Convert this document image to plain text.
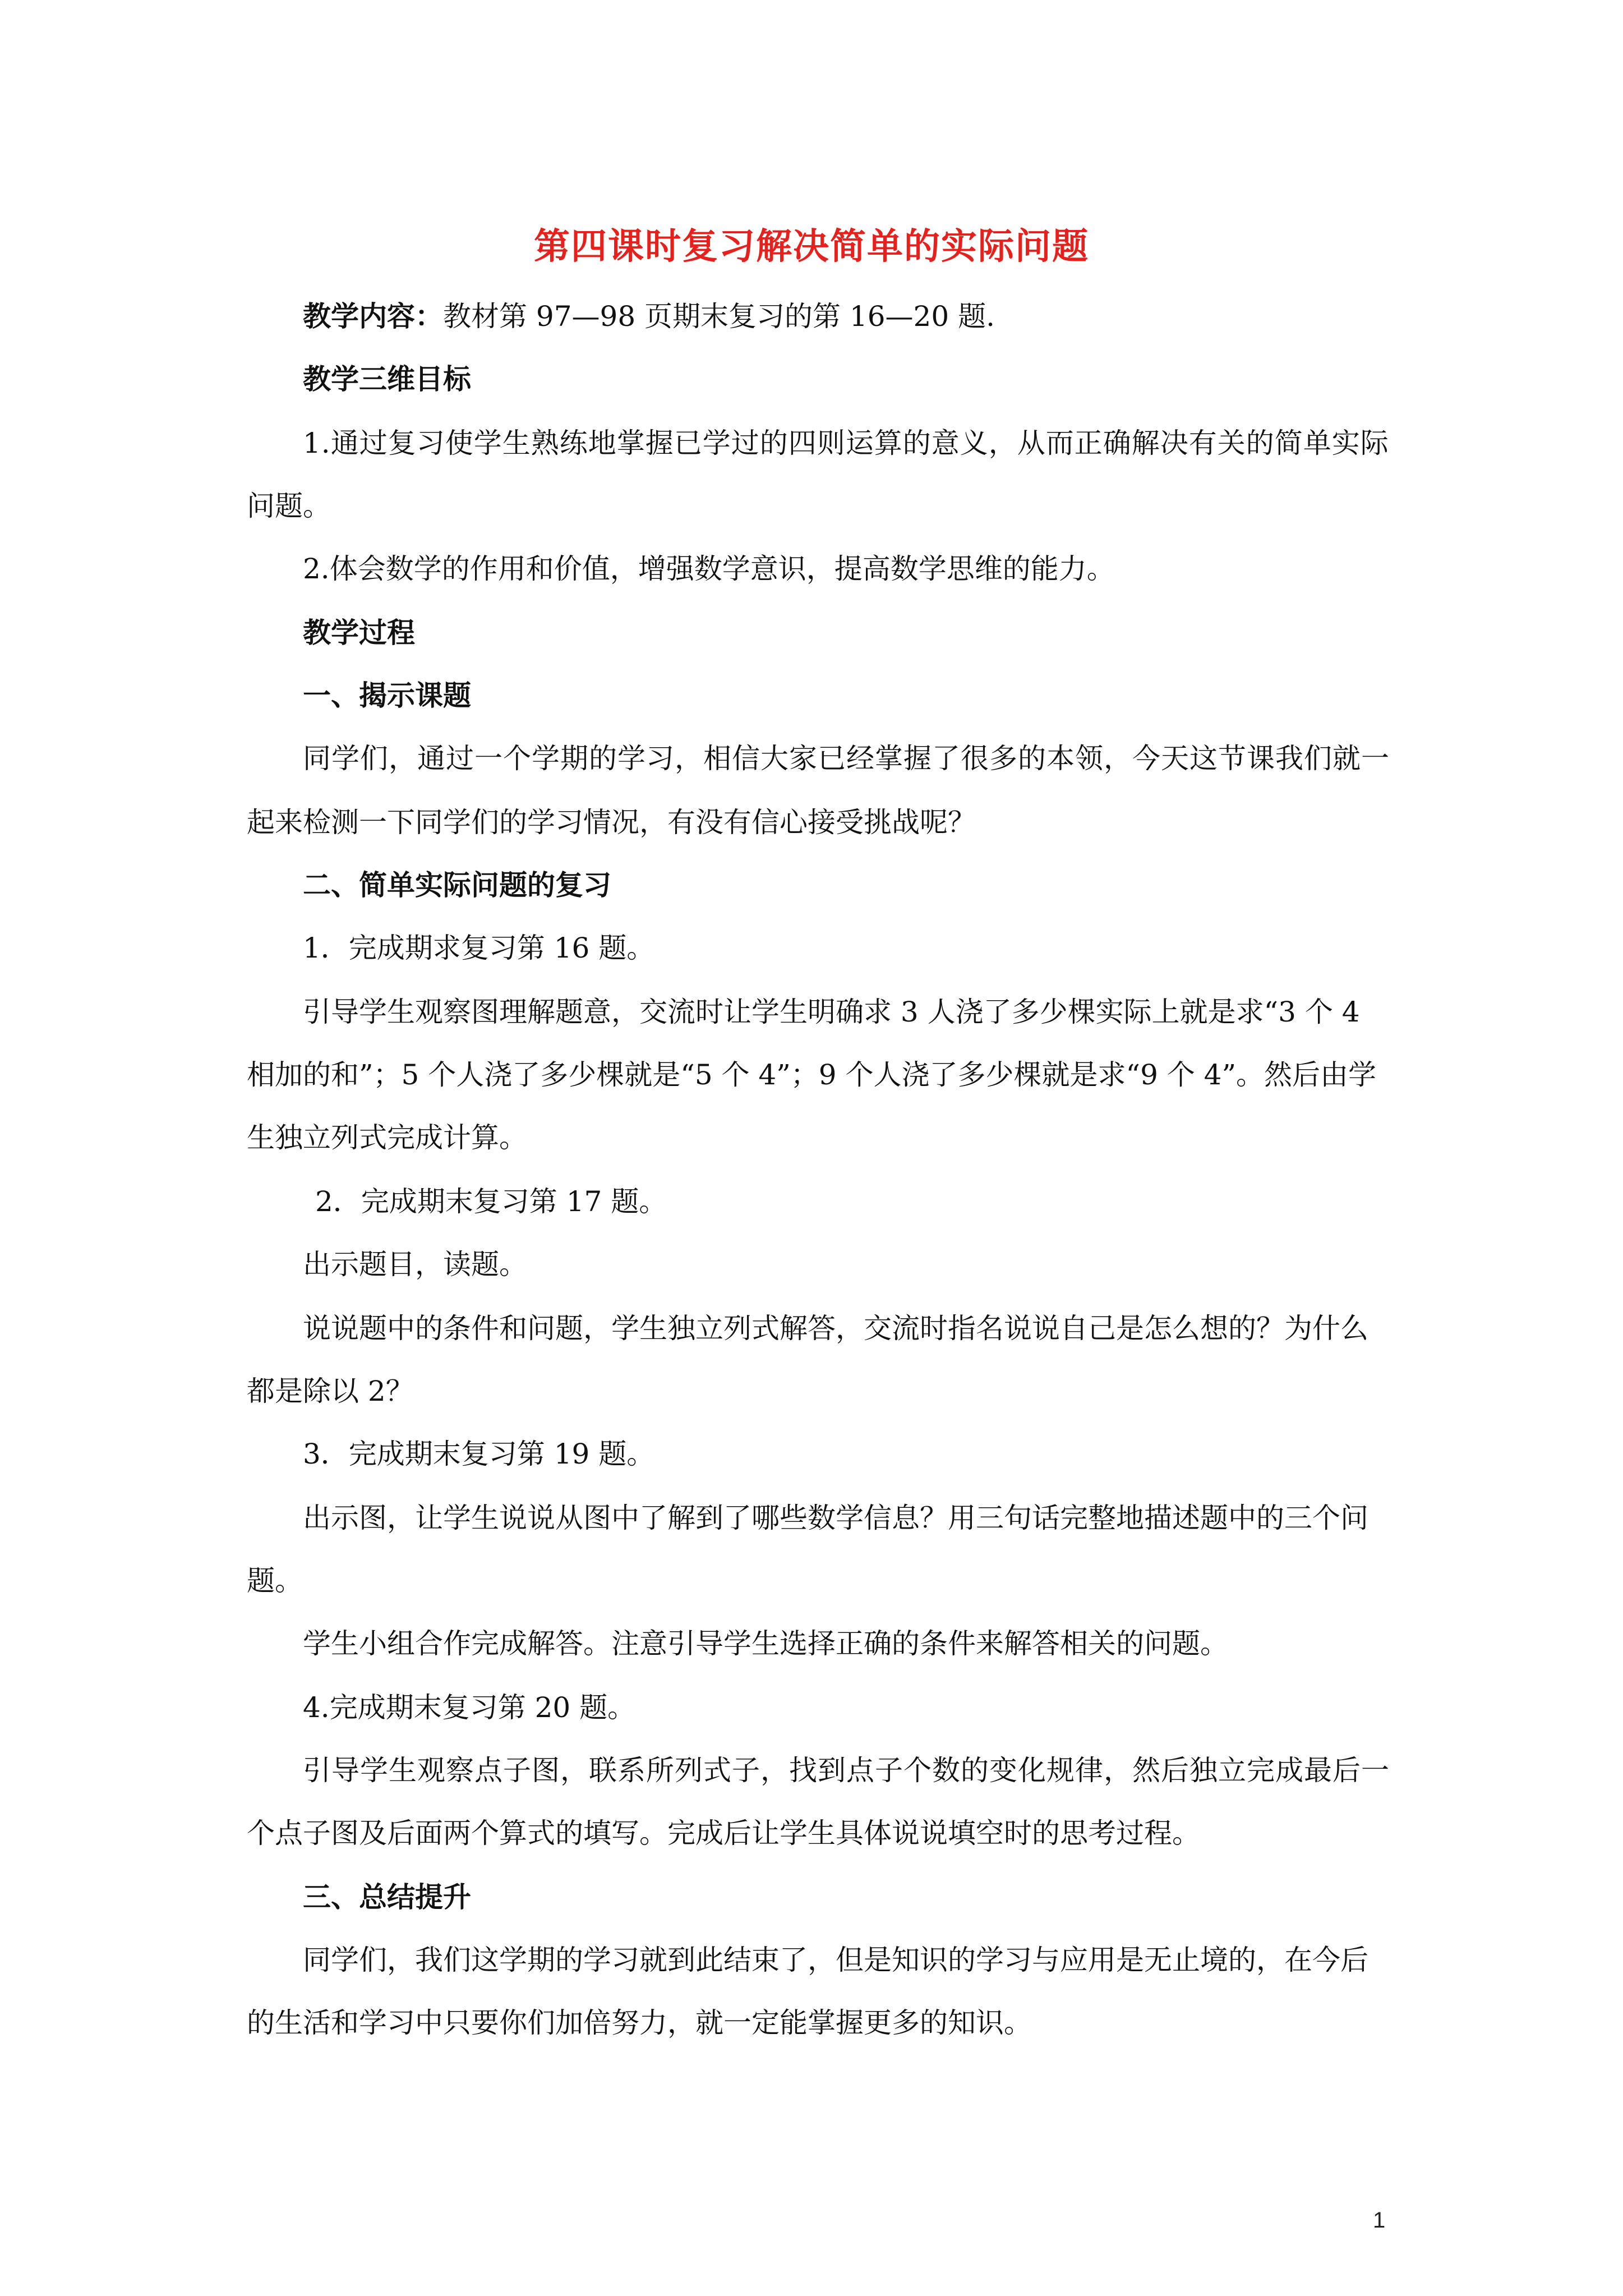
第四课时复习解决简单的实际问题
教学内容：教材第 97—98 页期末复习的第 16—20 题.
教学三维目标
1.通过复习使学生熟练地掌握已学过的四则运算的意义，从而正确解决有关的简单实际
问题。
2.体会数学的作用和价值，增强数学意识，提高数学思维的能力。
教学过程
一、揭示课题
同学们，通过一个学期的学习，相信大家已经掌握了很多的本领，今天这节课我们就一
起来检测一下同学们的学习情况，有没有信心接受挑战呢？
二、简单实际问题的复习
1．完成期求复习第 16 题。
引导学生观察图理解题意，交流时让学生明确求 3 人浇了多少棵实际上就是求“3 个 4
相加的和”；5 个人浇了多少棵就是“5 个 4”；9 个人浇了多少棵就是求“9 个 4”。然后由学
生独立列式完成计算。
2．完成期末复习第 17 题。
出示题目，读题。
说说题中的条件和问题，学生独立列式解答，交流时指名说说自己是怎么想的？为什么
都是除以 2？
3．完成期末复习第 19 题。
出示图，让学生说说从图中了解到了哪些数学信息？用三句话完整地描述题中的三个问
题。
学生小组合作完成解答。注意引导学生选择正确的条件来解答相关的问题。
4.完成期末复习第 20 题。
引导学生观察点子图，联系所列式子，找到点子个数的变化规律，然后独立完成最后一
个点子图及后面两个算式的填写。完成后让学生具体说说填空时的思考过程。
三、总结提升
同学们，我们这学期的学习就到此结束了，但是知识的学习与应用是无止境的，在今后
的生活和学习中只要你们加倍努力，就一定能掌握更多的知识。
1
